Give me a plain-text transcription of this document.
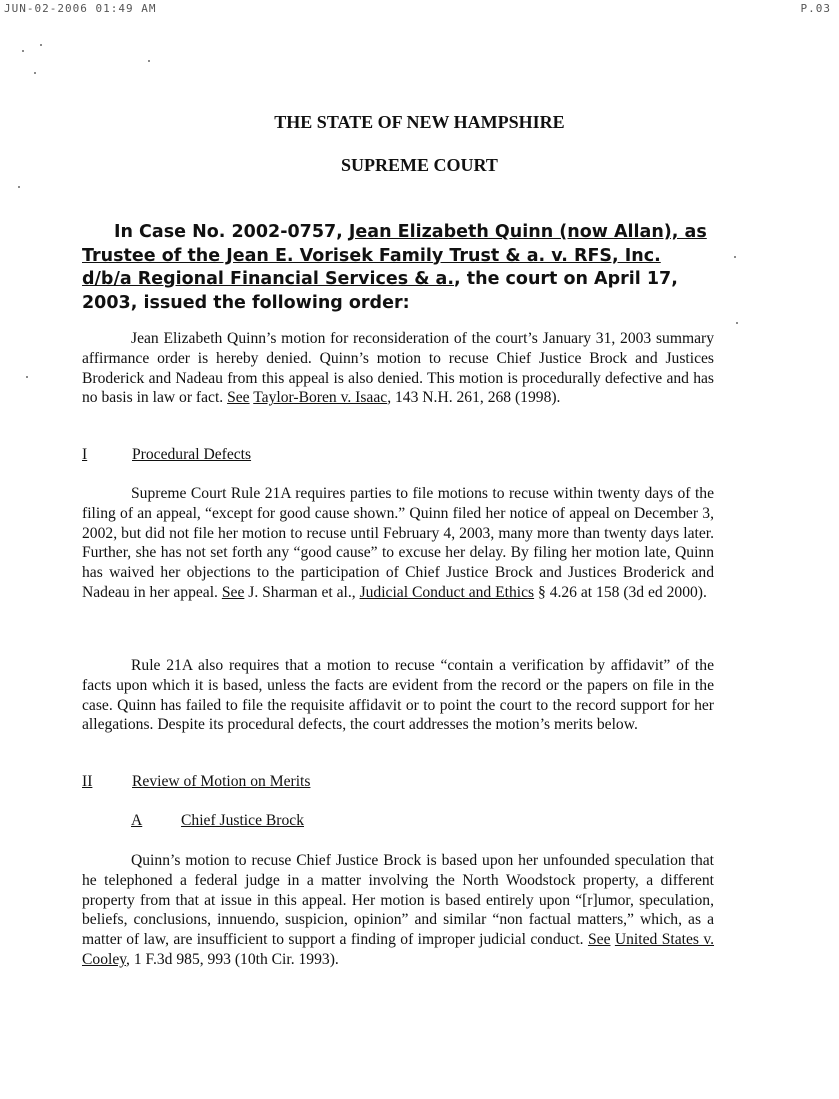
JUN-02-2006 01:49 AM	P.03
THE STATE OF NEW HAMPSHIRE
SUPREME COURT
In Case No. 2002-0757, Jean Elizabeth Quinn (now Allan), as Trustee of the Jean E. Vorisek Family Trust & a. v. RFS, Inc. d/b/a Regional Financial Services & a., the court on April 17, 2003, issued the following order:
Jean Elizabeth Quinn’s motion for reconsideration of the court’s January 31, 2003 summary affirmance order is hereby denied. Quinn’s motion to recuse Chief Justice Brock and Justices Broderick and Nadeau from this appeal is also denied. This motion is procedurally defective and has no basis in law or fact. See Taylor-Boren v. Isaac, 143 N.H. 261, 268 (1998).
I	Procedural Defects
Supreme Court Rule 21A requires parties to file motions to recuse within twenty days of the filing of an appeal, “except for good cause shown.” Quinn filed her notice of appeal on December 3, 2002, but did not file her motion to recuse until February 4, 2003, many more than twenty days later. Further, she has not set forth any “good cause” to excuse her delay. By filing her motion late, Quinn has waived her objections to the participation of Chief Justice Brock and Justices Broderick and Nadeau in her appeal. See J. Sharman et al., Judicial Conduct and Ethics § 4.26 at 158 (3d ed 2000).
Rule 21A also requires that a motion to recuse “contain a verification by affidavit” of the facts upon which it is based, unless the facts are evident from the record or the papers on file in the case. Quinn has failed to file the requisite affidavit or to point the court to the record support for her allegations. Despite its procedural defects, the court addresses the motion’s merits below.
II	Review of Motion on Merits
A Chief Justice Brock
Quinn’s motion to recuse Chief Justice Brock is based upon her unfounded speculation that he telephoned a federal judge in a matter involving the North Woodstock property, a different property from that at issue in this appeal. Her motion is based entirely upon “[r]umor, speculation, beliefs, conclusions, innuendo, suspicion, opinion” and similar “non factual matters,” which, as a matter of law, are insufficient to support a finding of improper judicial conduct. See United States v. Cooley, 1 F.3d 985, 993 (10th Cir. 1993).
